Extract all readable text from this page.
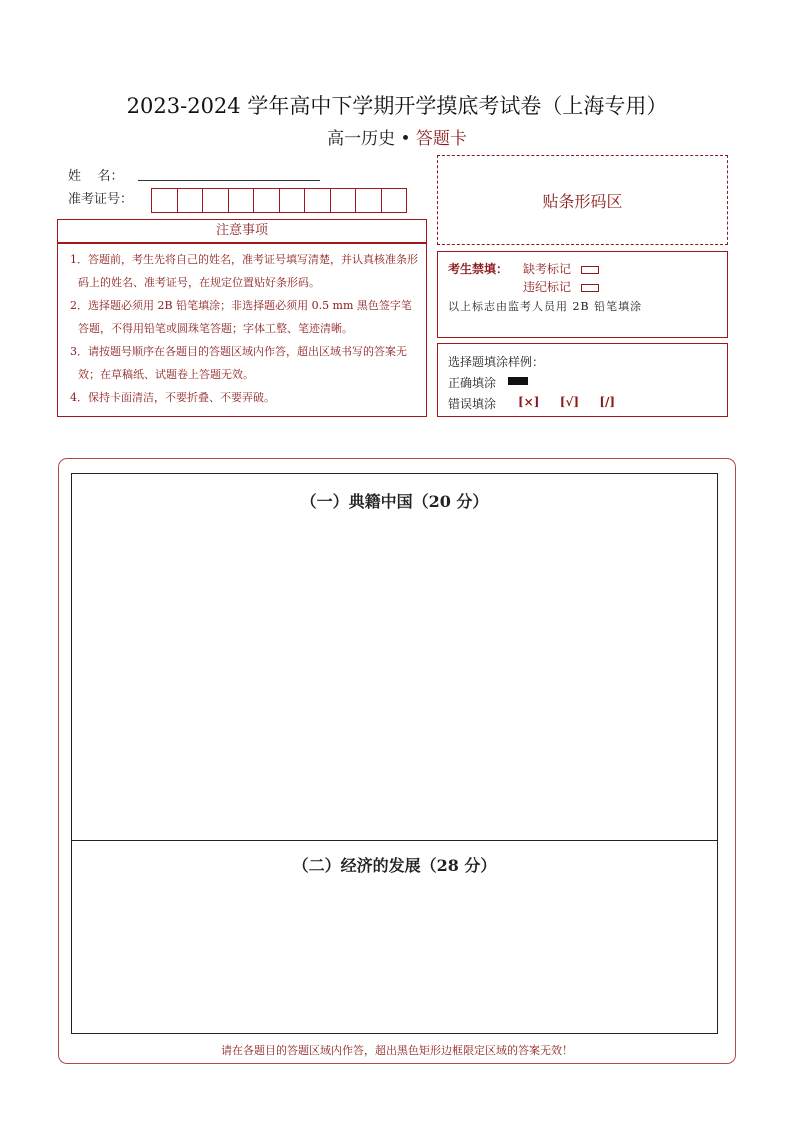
2023-2024 学年高中下学期开学摸底考试卷（上海专用）
高一历史 • 答题卡
姓    名：
准考证号：	贴条形码区
注意事项
1．答题前，考生先将自己的姓名，准考证号填写清楚，并认真核准条形码上的姓名、准考证号，在规定位置贴好条形码。
2．选择题必须用 2B 铅笔填涂；非选择题必须用 0.5 mm 黑色签字笔答题，不得用铅笔或圆珠笔答题；字体工整、笔迹清晰。
3．请按题号顺序在各题目的答题区域内作答，超出区域书写的答案无效；在草稿纸、试题卷上答题无效。
4．保持卡面清洁，不要折叠、不要弄破。
考生禁填： 缺考标记
违纪标记
以上标志由监考人员用 2B 铅笔填涂
选择题填涂样例：
正确填涂
错误填涂 [×]  [√]  [/]
（一）典籍中国（20 分）
（二）经济的发展（28 分）
请在各题目的答题区域内作答，超出黑色矩形边框限定区域的答案无效！
